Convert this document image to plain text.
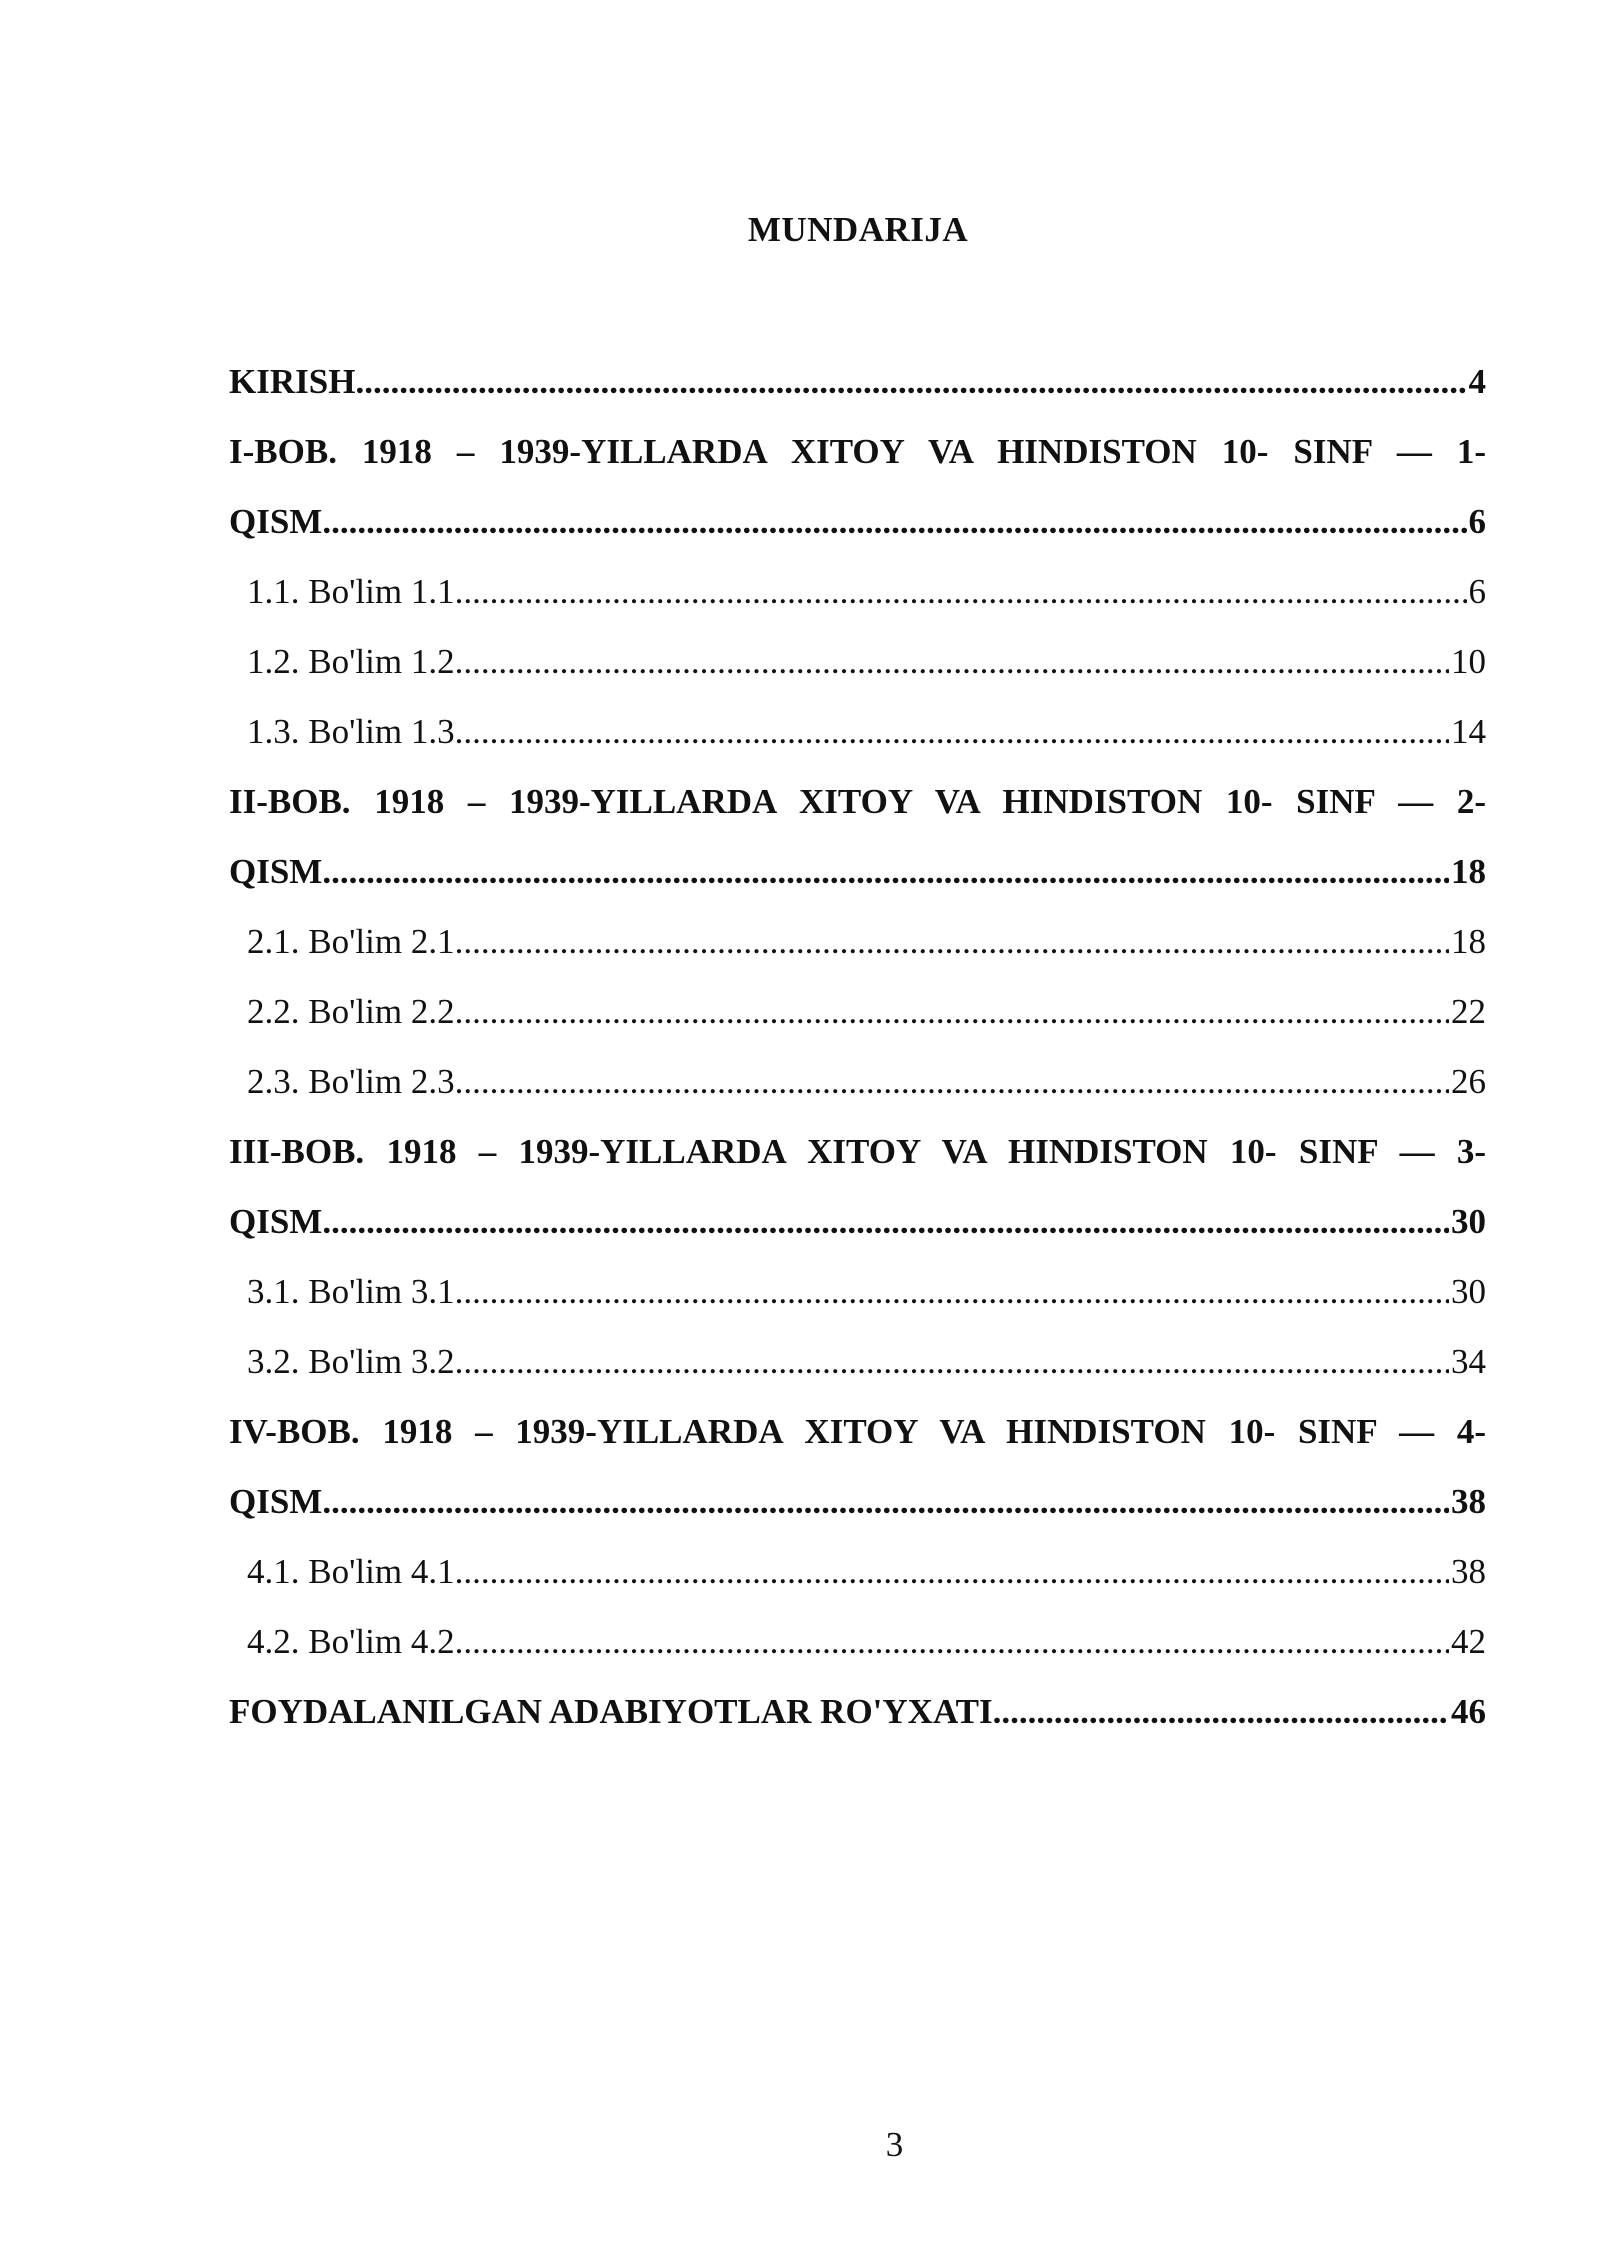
MUNDARIJA
KIRISH .....	4
I-BOB. 1918 – 1939-YILLARDA XITOY VA HINDISTON 10- SINF — 1-
QISM .....	6
1.1. Bo'lim 1.1 .....	6
1.2. Bo'lim 1.2 .....	10
1.3. Bo'lim 1.3 .....	14
II-BOB. 1918 – 1939-YILLARDA XITOY VA HINDISTON 10- SINF — 2-
QISM .....	18
2.1. Bo'lim 2.1 .....	18
2.2. Bo'lim 2.2 .....	22
2.3. Bo'lim 2.3 .....	26
III-BOB. 1918 – 1939-YILLARDA XITOY VA HINDISTON 10- SINF — 3-
QISM .....	30
3.1. Bo'lim 3.1 .....	30
3.2. Bo'lim 3.2 .....	34
IV-BOB. 1918 – 1939-YILLARDA XITOY VA HINDISTON 10- SINF — 4-
QISM .....	38
4.1. Bo'lim 4.1 .....	38
4.2. Bo'lim 4.2 .....	42
FOYDALANILGAN ADABIYOTLAR RO'YXATI .....	46
3
